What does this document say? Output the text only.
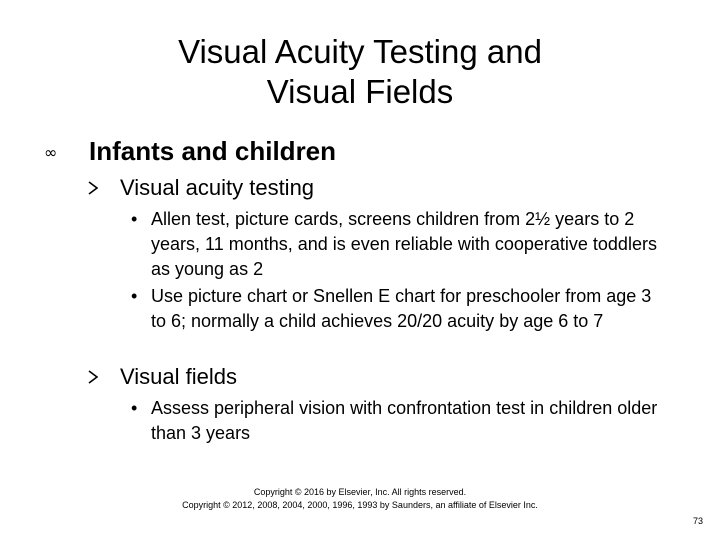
Visual Acuity Testing and
Visual Fields
∞ Infants and children
Visual acuity testing
• Allen test, picture cards, screens children from 2½ years to 2 years, 11 months, and is even reliable with cooperative toddlers as young as 2
• Use picture chart or Snellen E chart for preschooler from age 3 to 6; normally a child achieves 20/20 acuity by age 6 to 7
Visual fields
• Assess peripheral vision with confrontation test in children older than 3 years
Copyright © 2016 by Elsevier, Inc. All rights reserved.
Copyright © 2012, 2008, 2004, 2000, 1996, 1993 by Saunders, an affiliate of Elsevier Inc.
73
